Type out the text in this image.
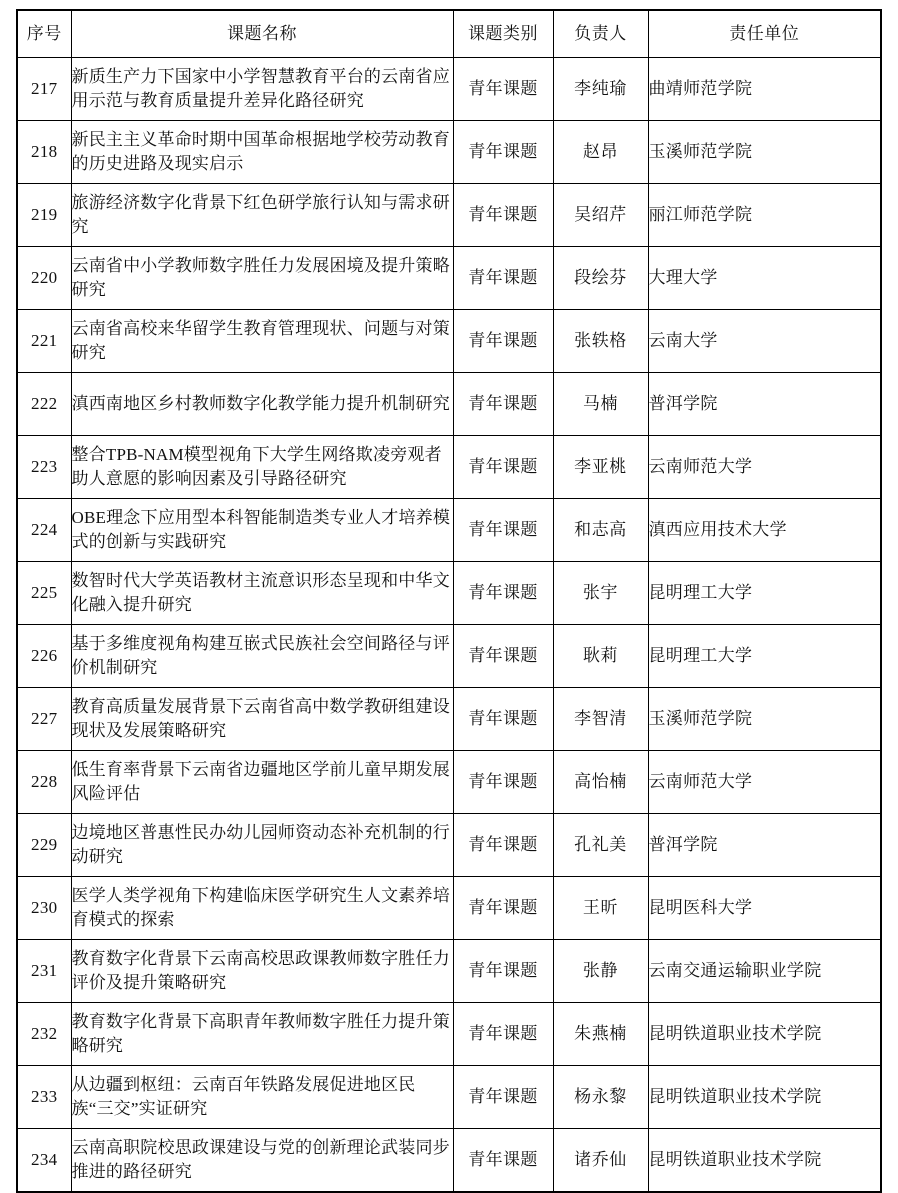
序号	课题名称	课题类别	负责人	责任单位
217	新质生产力下国家中小学智慧教育平台的云南省应用示范与教育质量提升差异化路径研究	青年课题	李纯瑜	曲靖师范学院
218	新民主主义革命时期中国革命根据地学校劳动教育的历史进路及现实启示	青年课题	赵昂	玉溪师范学院
219	旅游经济数字化背景下红色研学旅行认知与需求研究	青年课题	吴绍芹	丽江师范学院
220	云南省中小学教师数字胜任力发展困境及提升策略研究	青年课题	段绘芬	大理大学
221	云南省高校来华留学生教育管理现状、问题与对策研究	青年课题	张轶格	云南大学
222	滇西南地区乡村教师数字化教学能力提升机制研究	青年课题	马楠	普洱学院
223	整合TPB-NAM模型视角下大学生网络欺凌旁观者助人意愿的影响因素及引导路径研究	青年课题	李亚桃	云南师范大学
224	OBE理念下应用型本科智能制造类专业人才培养模式的创新与实践研究	青年课题	和志高	滇西应用技术大学
225	数智时代大学英语教材主流意识形态呈现和中华文化融入提升研究	青年课题	张宇	昆明理工大学
226	基于多维度视角构建互嵌式民族社会空间路径与评价机制研究	青年课题	耿莉	昆明理工大学
227	教育高质量发展背景下云南省高中数学教研组建设现状及发展策略研究	青年课题	李智清	玉溪师范学院
228	低生育率背景下云南省边疆地区学前儿童早期发展风险评估	青年课题	高怡楠	云南师范大学
229	边境地区普惠性民办幼儿园师资动态补充机制的行动研究	青年课题	孔礼美	普洱学院
230	医学人类学视角下构建临床医学研究生人文素养培育模式的探索	青年课题	王昕	昆明医科大学
231	教育数字化背景下云南高校思政课教师数字胜任力评价及提升策略研究	青年课题	张静	云南交通运输职业学院
232	教育数字化背景下高职青年教师数字胜任力提升策略研究	青年课题	朱燕楠	昆明铁道职业技术学院
233	从边疆到枢纽：云南百年铁路发展促进地区民族“三交”实证研究	青年课题	杨永黎	昆明铁道职业技术学院
234	云南高职院校思政课建设与党的创新理论武装同步推进的路径研究	青年课题	诸乔仙	昆明铁道职业技术学院
